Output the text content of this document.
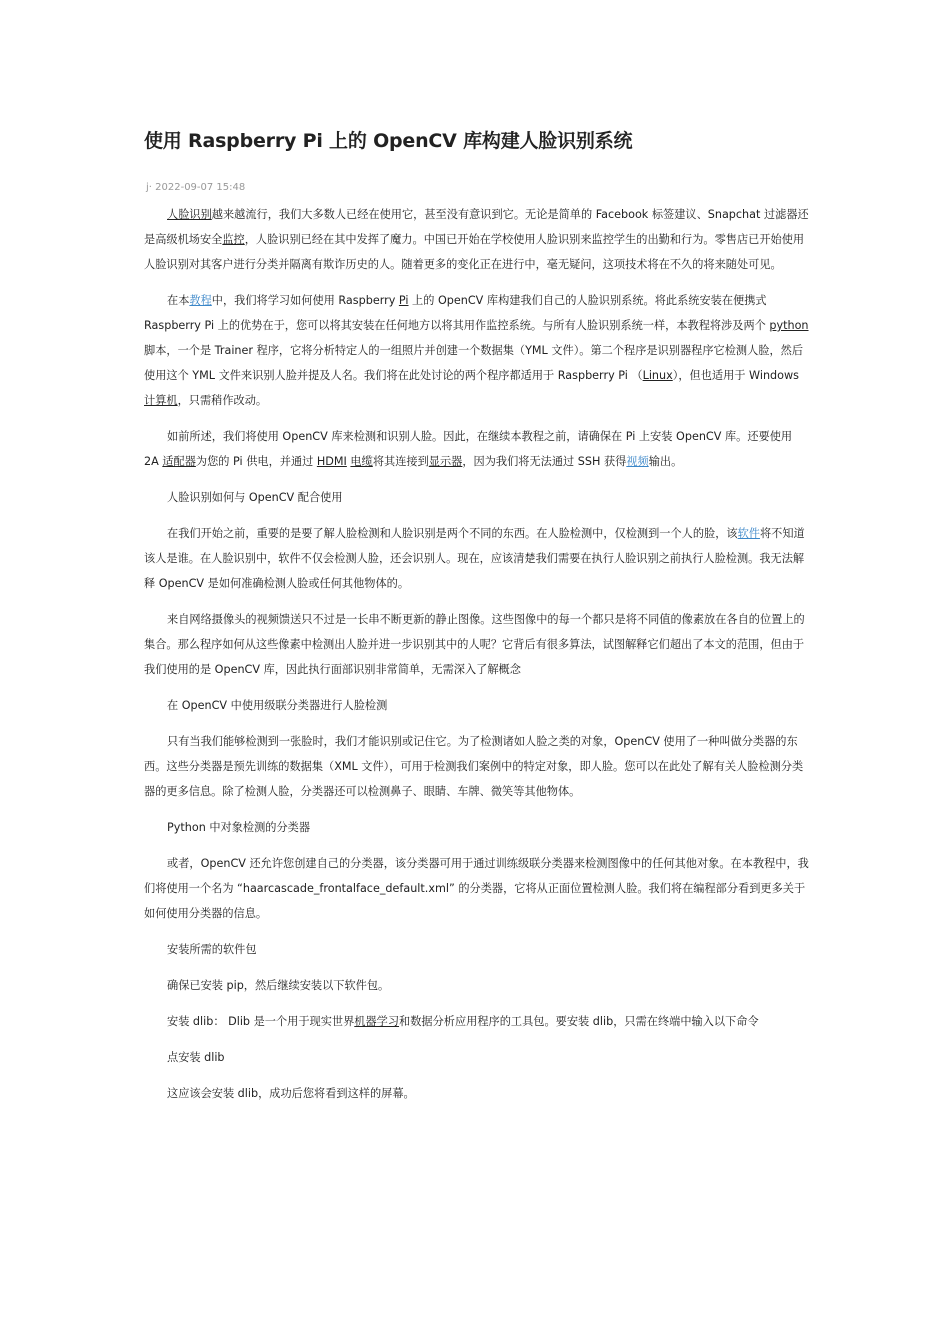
使用 Raspberry Pi 上的 OpenCV 库构建人脸识别系统
j· 2022-09-07 15:48

人脸识别越来越流行，我们大多数人已经在使用它，甚至没有意识到它。无论是简单的 Facebook 标签建议、Snapchat 过滤器还是高级机场安全监控，人脸识别已经在其中发挥了魔力。中国已开始在学校使用人脸识别来监控学生的出勤和行为。零售店已开始使用人脸识别对其客户进行分类并隔离有欺诈历史的人。随着更多的变化正在进行中，毫无疑问，这项技术将在不久的将来随处可见。

在本教程中，我们将学习如何使用 Raspberry Pi 上的 OpenCV 库构建我们自己的人脸识别系统。将此系统安装在便携式 Raspberry Pi 上的优势在于，您可以将其安装在任何地方以将其用作监控系统。与所有人脸识别系统一样，本教程将涉及两个 python 脚本，一个是 Trainer 程序，它将分析特定人的一组照片并创建一个数据集（YML 文件）。第二个程序是识别器程序它检测人脸，然后使用这个 YML 文件来识别人脸并提及人名。我们将在此处讨论的两个程序都适用于 Raspberry Pi （Linux），但也适用于 Windows 计算机，只需稍作改动。

如前所述，我们将使用 OpenCV 库来检测和识别人脸。因此，在继续本教程之前，请确保在 Pi 上安装 OpenCV 库。还要使用 2A 适配器为您的 Pi 供电，并通过 HDMI 电缆将其连接到显示器，因为我们将无法通过 SSH 获得视频输出。

人脸识别如何与 OpenCV 配合使用

在我们开始之前，重要的是要了解人脸检测和人脸识别是两个不同的东西。在人脸检测中，仅检测到一个人的脸，该软件将不知道该人是谁。在人脸识别中，软件不仅会检测人脸，还会识别人。现在，应该清楚我们需要在执行人脸识别之前执行人脸检测。我无法解释 OpenCV 是如何准确检测人脸或任何其他物体的。

来自网络摄像头的视频馈送只不过是一长串不断更新的静止图像。这些图像中的每一个都只是将不同值的像素放在各自的位置上的集合。那么程序如何从这些像素中检测出人脸并进一步识别其中的人呢？它背后有很多算法，试图解释它们超出了本文的范围，但由于我们使用的是 OpenCV 库，因此执行面部识别非常简单，无需深入了解概念

在 OpenCV 中使用级联分类器进行人脸检测

只有当我们能够检测到一张脸时，我们才能识别或记住它。为了检测诸如人脸之类的对象，OpenCV 使用了一种叫做分类器的东西。这些分类器是预先训练的数据集（XML 文件），可用于检测我们案例中的特定对象，即人脸。您可以在此处了解有关人脸检测分类器的更多信息。除了检测人脸，分类器还可以检测鼻子、眼睛、车牌、微笑等其他物体。

Python 中对象检测的分类器

或者，OpenCV 还允许您创建自己的分类器，该分类器可用于通过训练级联分类器来检测图像中的任何其他对象。在本教程中，我们将使用一个名为 “haarcascade_frontalface_default.xml” 的分类器，它将从正面位置检测人脸。我们将在编程部分看到更多关于如何使用分类器的信息。

安装所需的软件包

确保已安装 pip，然后继续安装以下软件包。

安装 dlib： Dlib 是一个用于现实世界机器学习和数据分析应用程序的工具包。要安装 dlib，只需在终端中输入以下命令

点安装 dlib

这应该会安装 dlib，成功后您将看到这样的屏幕。
